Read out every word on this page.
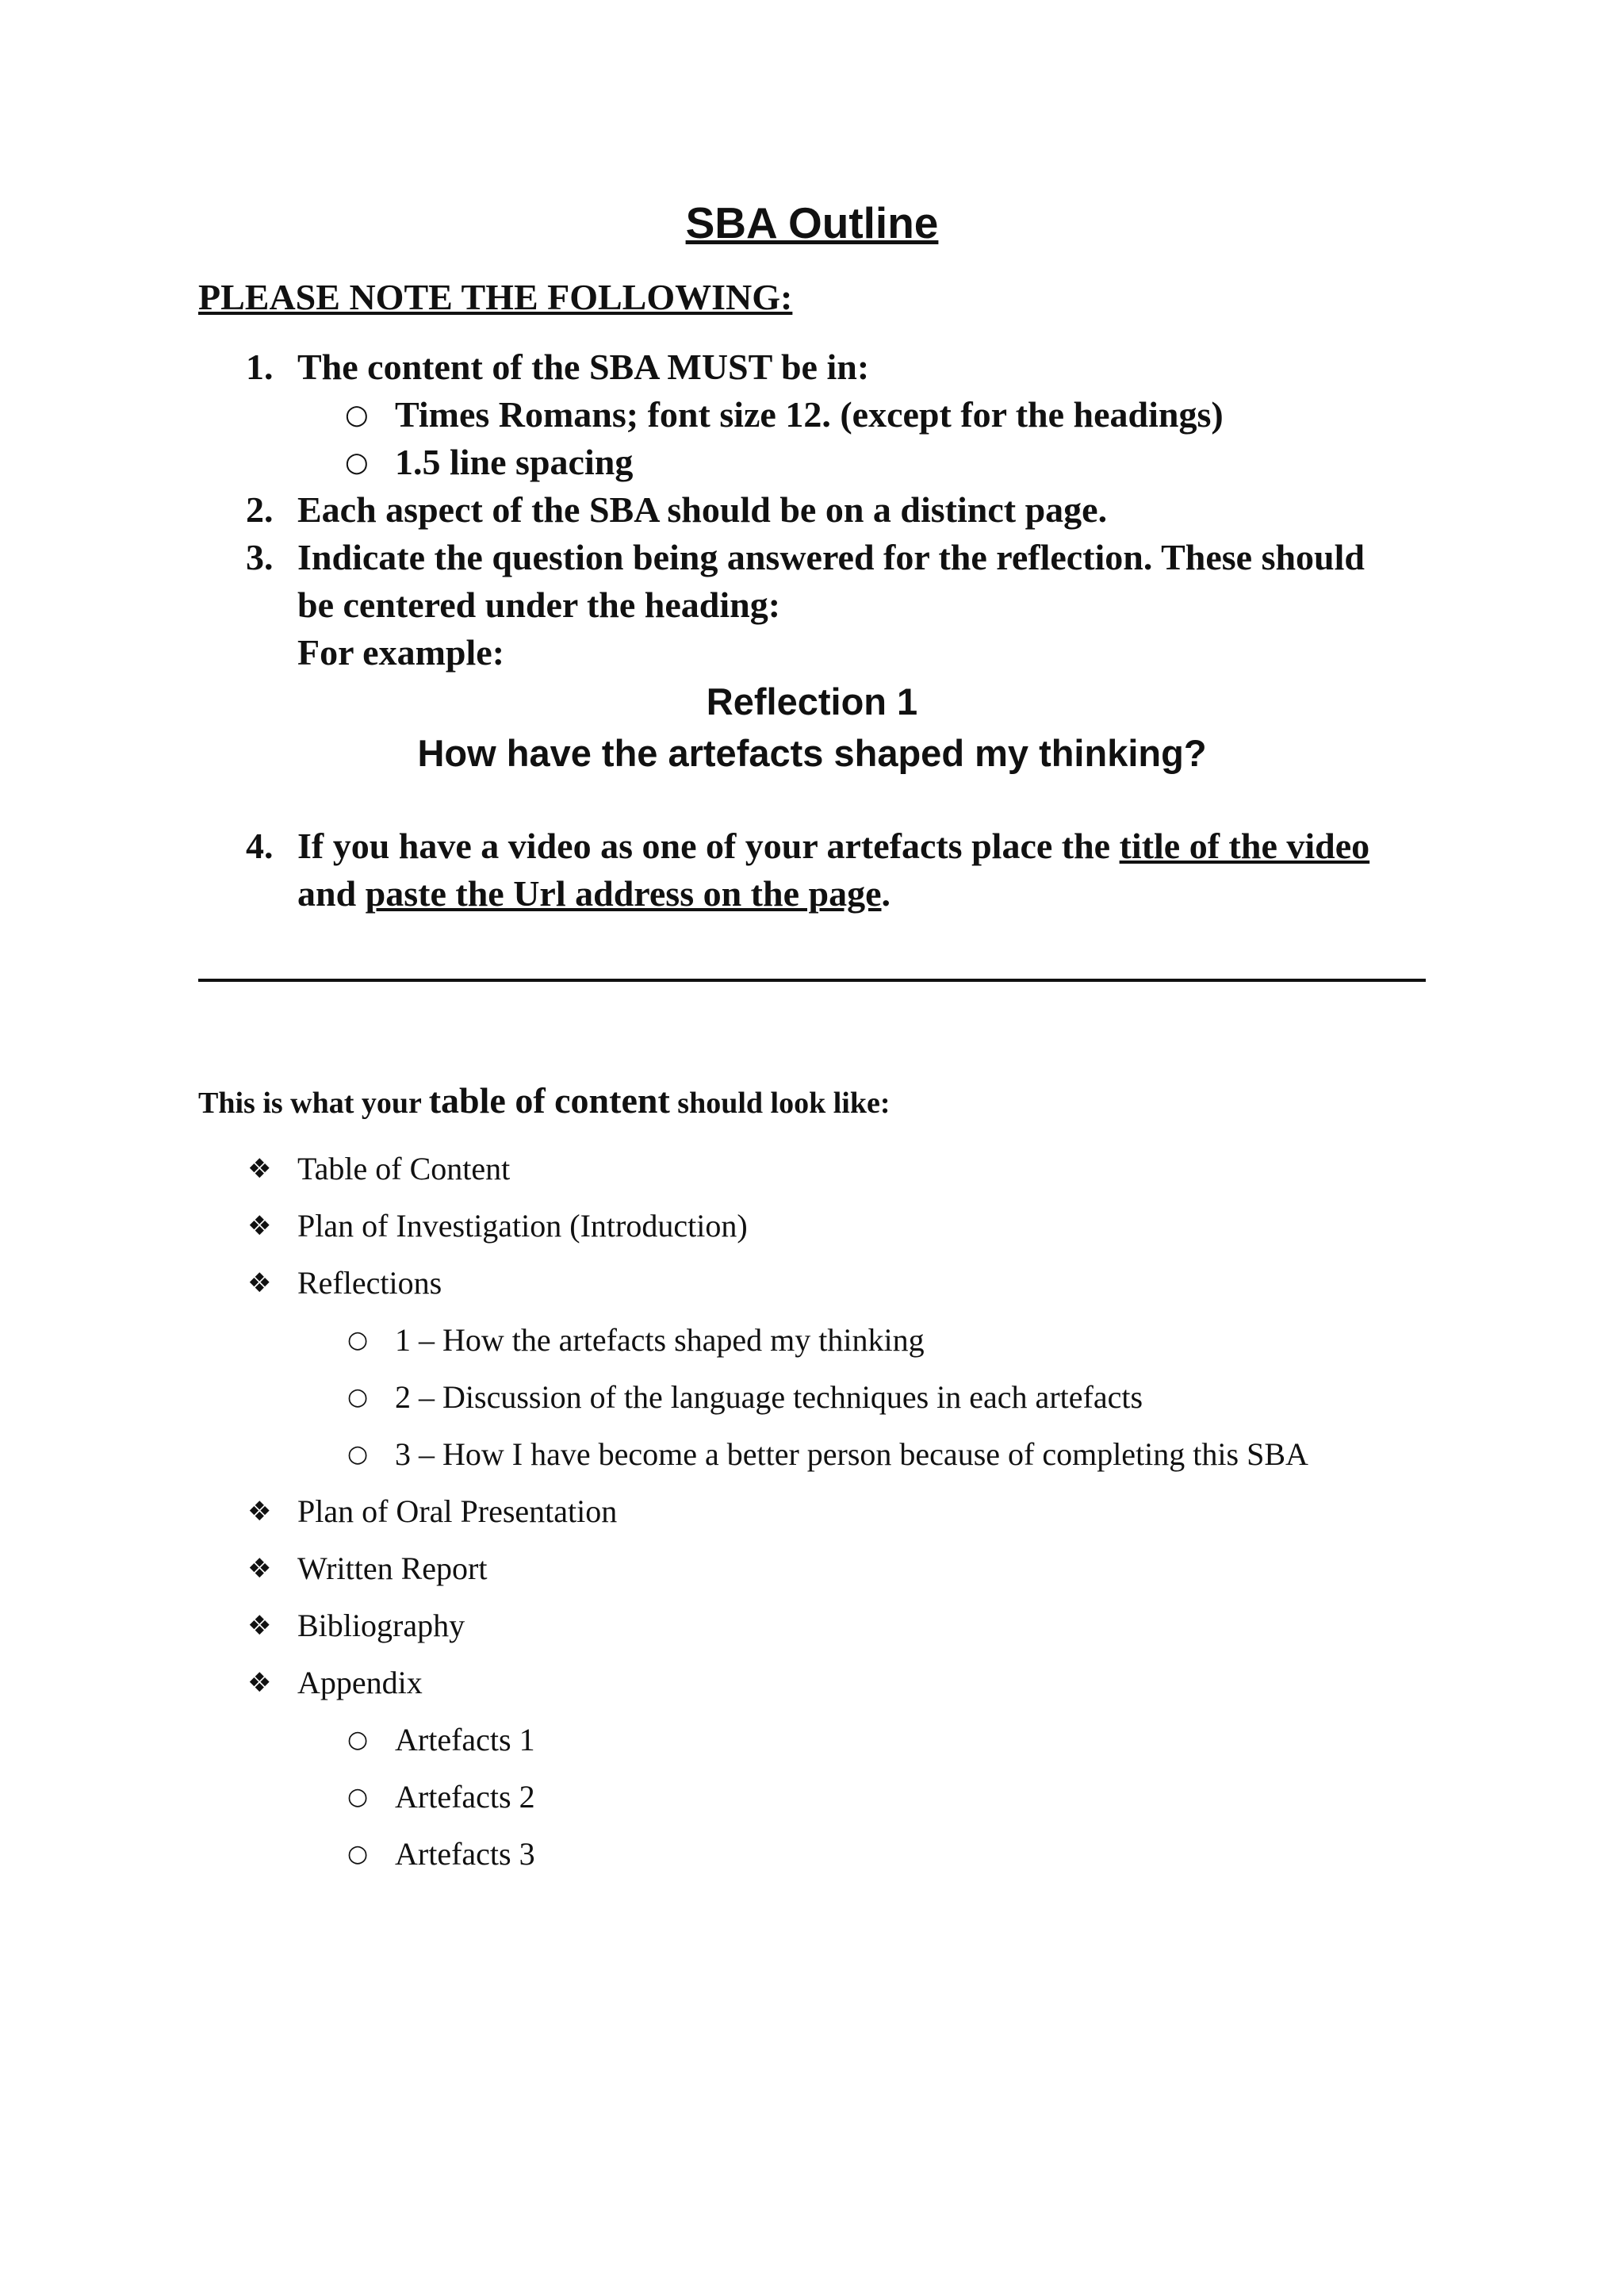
SBA Outline
PLEASE NOTE THE FOLLOWING:
1. The content of the SBA MUST be in:
○ Times Romans; font size 12. (except for the headings)
○ 1.5 line spacing
2. Each aspect of the SBA should be on a distinct page.
3. Indicate the question being answered for the reflection. These should
be centered under the heading:
For example:

Reflection 1

How have the artefacts shaped my thinking?

4. If you have a video as one of your artefacts place the title of the video
and paste the Url address on the page.

This is what your table of content should look like:

❖ Table of Content
❖ Plan of Investigation (Introduction)
❖ Reflections
○ 1 – How the artefacts shaped my thinking
○ 2 – Discussion of the language techniques in each artefacts
○ 3 – How I have become a better person because of completing this SBA
❖ Plan of Oral Presentation
❖ Written Report
❖ Bibliography
❖ Appendix
○ Artefacts 1
○ Artefacts 2
○ Artefacts 3
